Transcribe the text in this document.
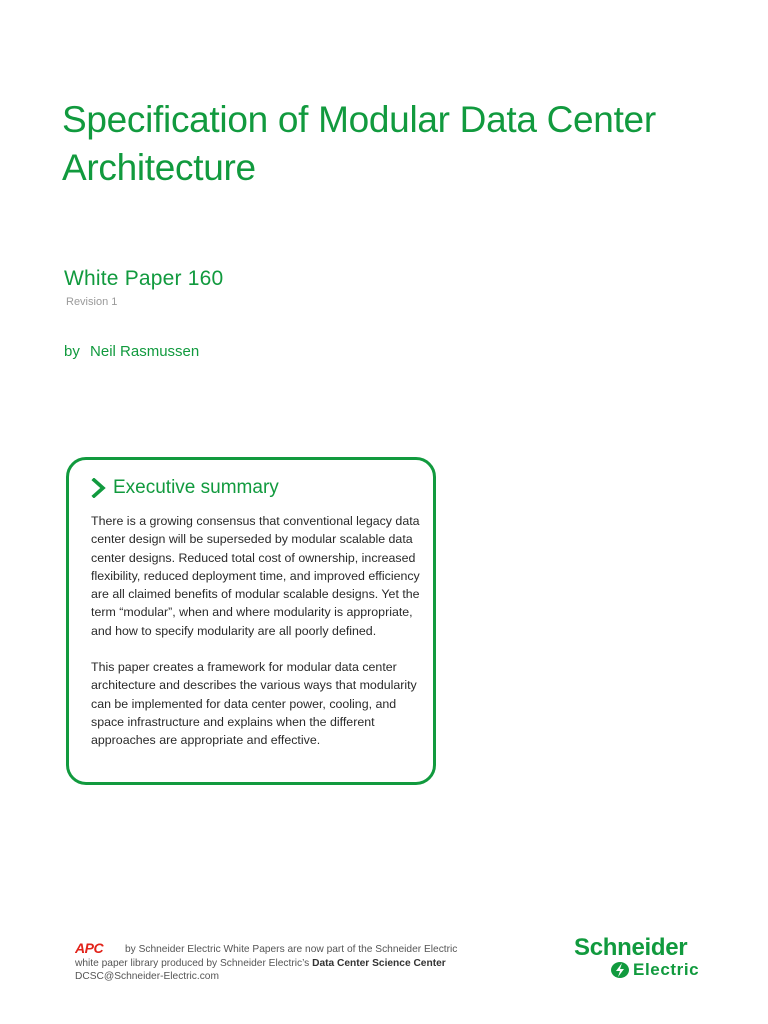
Specification of Modular Data Center
Architecture
White Paper 160
Revision 1
by Neil Rasmussen
Executive summary

There is a growing consensus that conventional legacy data center design will be superseded by modular scalable data center designs. Reduced total cost of ownership, increased flexibility, reduced deployment time, and improved efficiency are all claimed benefits of modular scalable designs. Yet the term “modular”, when and where modularity is appropriate, and how to specify modularity are all poorly defined.

This paper creates a framework for modular data center architecture and describes the various ways that modularity can be implemented for data center power, cooling, and space infrastructure and explains when the different approaches are appropriate and effective.

APC by Schneider Electric White Papers are now part of the Schneider Electric
white paper library produced by Schneider Electric’s Data Center Science Center
DCSC@Schneider-Electric.com
Schneider
Electric
